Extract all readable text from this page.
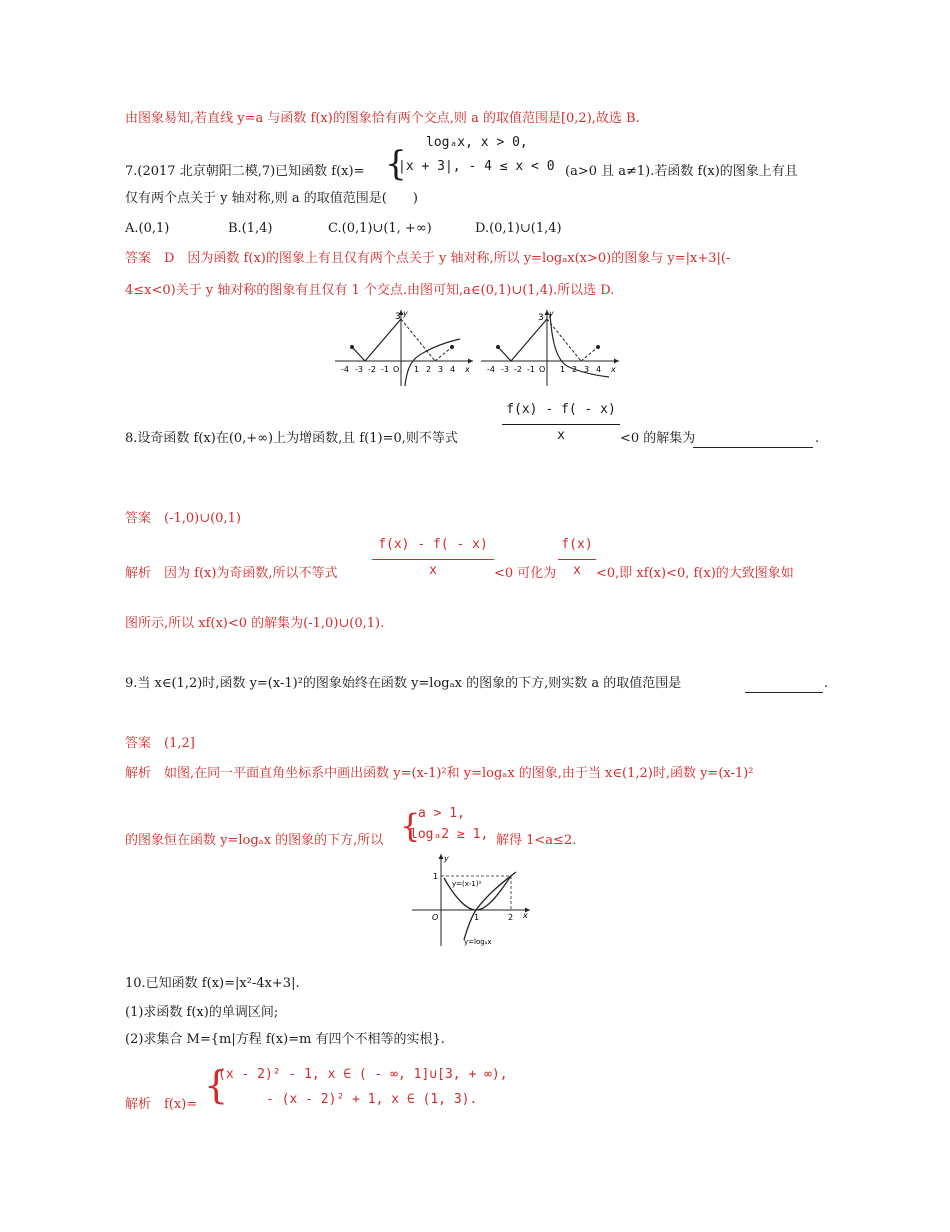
由图象易知,若直线 y=a 与函数 f(x)的图象恰有两个交点,则 a 的取值范围是[0,2),故选 B.
7.(2017 北京朝阳二模,7)已知函数 f(x)= {
logₐx, x > 0,
|x + 3|, - 4 ≤ x < 0 (a>0 且 a≠1).若函数 f(x)的图象上有且
仅有两个点关于 y 轴对称,则 a 的取值范围是(　　)
A.(0,1)	B.(1,4)	C.(0,1)∪(1, +∞)	D.(0,1)∪(1,4)
答案　D　因为函数 f(x)的图象上有且仅有两个点关于 y 轴对称,所以 y=logₐx(x>0)的图象与 y=|x+3|(-
4≤x<0)关于 y 轴对称的图象有且仅有 1 个交点.由图可知,a∈(0,1)∪(1,4).所以选 D.
3 y
x
-4 -3 -2 -1 O 1 2 3 4
3 y
x
-4 -3 -2 -1 O 1 2 3 4
8.设奇函数 f(x)在(0,+∞)上为增函数,且 f(1)=0,则不等式
f(x) - f( - x)
x	<0 的解集为	.
答案　(-1,0)∪(0,1)
解析　因为 f(x)为奇函数,所以不等式
f(x) - f( - x)
x	<0 可化为
f(x)
x	<0,即 xf(x)<0, f(x)的大致图象如
图所示,所以 xf(x)<0 的解集为(-1,0)∪(0,1).
9.当 x∈(1,2)时,函数 y=(x-1)²的图象始终在函数 y=logₐx 的图象的下方,则实数 a 的取值范围是	.
答案　(1,2]
解析　如图,在同一平面直角坐标系中画出函数 y=(x-1)²和 y=logₐx 的图象,由于当 x∈(1,2)时,函数 y=(x-1)²
的图象恒在函数 y=logₐx 的图象的下方,所以 {
a > 1,
logₐ2 ≥ 1, 解得 1<a≤2.
y=(x-1)²
y=logₐx
1
O	1	2 x
y
10.已知函数 f(x)=|x²-4x+3|.
(1)求函数 f(x)的单调区间;
(2)求集合 M={m|方程 f(x)=m 有四个不相等的实根}.
解析　f(x)= {
(x - 2)² - 1, x ∈ ( - ∞, 1]∪[3, + ∞),
- (x - 2)² + 1, x ∈ (1, 3).
